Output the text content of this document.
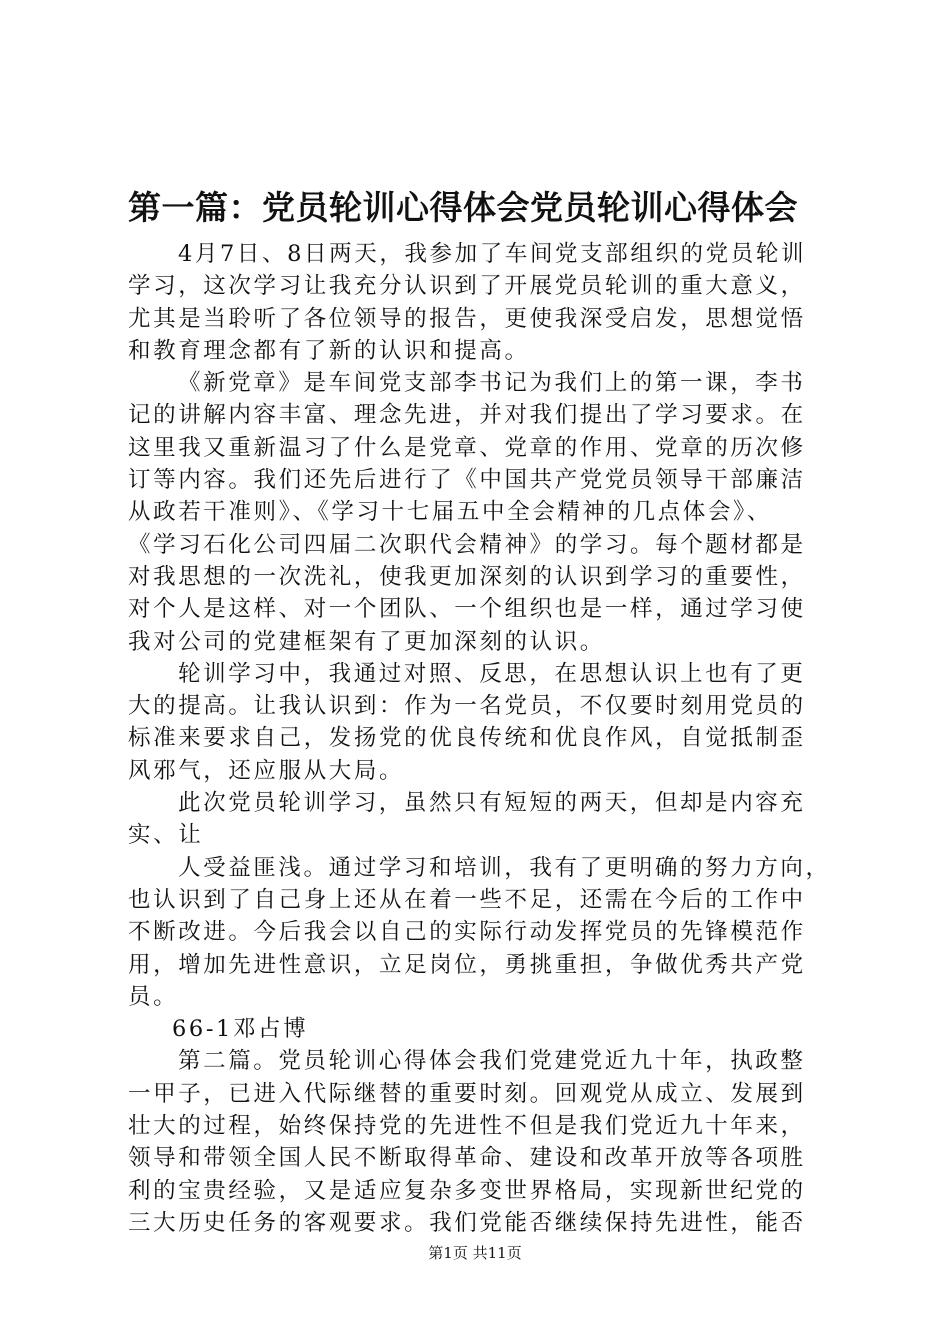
第一篇：党员轮训心得体会党员轮训心得体会
4月7日、8日两天，我参加了车间党支部组织的党员轮训
学习，这次学习让我充分认识到了开展党员轮训的重大意义，
尤其是当聆听了各位领导的报告，更使我深受启发，思想觉悟
和教育理念都有了新的认识和提高。
《新党章》是车间党支部李书记为我们上的第一课，李书
记的讲解内容丰富、理念先进，并对我们提出了学习要求。在
这里我又重新温习了什么是党章、党章的作用、党章的历次修
订等内容。我们还先后进行了《中国共产党党员领导干部廉洁
从政若干准则》、《学习十七届五中全会精神的几点体会》、
《学习石化公司四届二次职代会精神》的学习。每个题材都是
对我思想的一次洗礼，使我更加深刻的认识到学习的重要性，
对个人是这样、对一个团队、一个组织也是一样，通过学习使
我对公司的党建框架有了更加深刻的认识。
轮训学习中，我通过对照、反思，在思想认识上也有了更
大的提高。让我认识到：作为一名党员，不仅要时刻用党员的
标准来要求自己，发扬党的优良传统和优良作风，自觉抵制歪
风邪气，还应服从大局。
此次党员轮训学习，虽然只有短短的两天，但却是内容充
实、让
人受益匪浅。通过学习和培训，我有了更明确的努力方向，
也认识到了自己身上还从在着一些不足，还需在今后的工作中
不断改进。今后我会以自己的实际行动发挥党员的先锋模范作
用，增加先进性意识，立足岗位，勇挑重担，争做优秀共产党
员。
66-1邓占博
第二篇。党员轮训心得体会我们党建党近九十年，执政整
一甲子，已进入代际继替的重要时刻。回观党从成立、发展到
壮大的过程，始终保持党的先进性不但是我们党近九十年来，
领导和带领全国人民不断取得革命、建设和改革开放等各项胜
利的宝贵经验，又是适应复杂多变世界格局，实现新世纪党的
三大历史任务的客观要求。我们党能否继续保持先进性，能否
第1页 共11页
